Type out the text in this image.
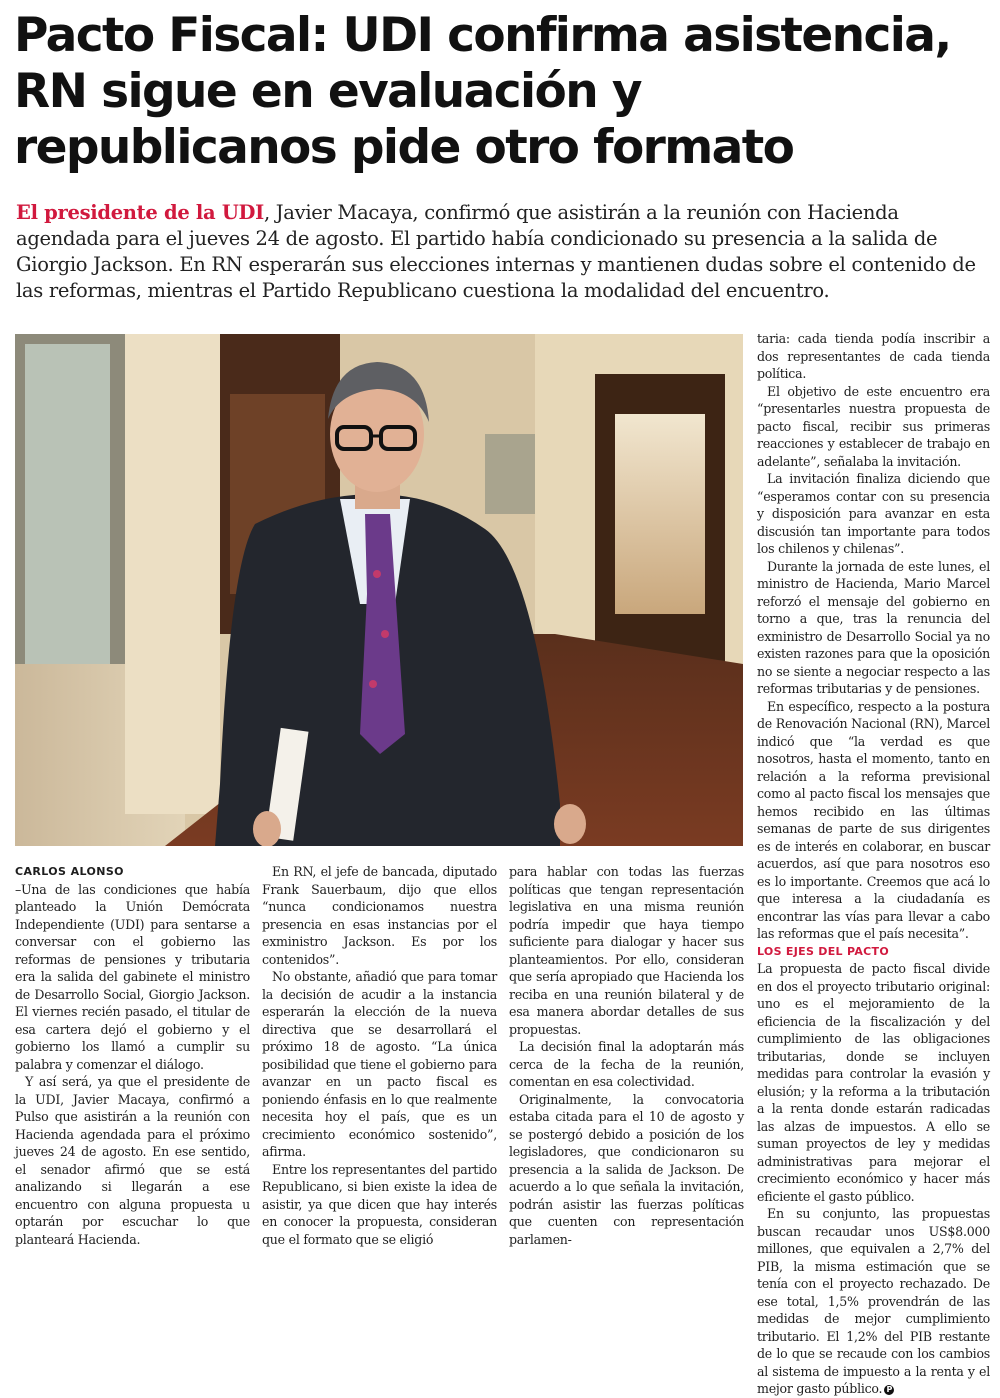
Pacto Fiscal: UDI confirma asistencia,
RN sigue en evaluación y
republicanos pide otro formato

El presidente de la UDI, Javier Macaya, confirmó que asistirán a la reunión con Hacienda agendada para el jueves 24 de agosto. El partido había condicionado su presencia a la salida de Giorgio Jackson. En RN esperarán sus elecciones internas y mantienen dudas sobre el contenido de las reformas, mientras el Partido Republicano cuestiona la modalidad del encuentro.

CARLOS ALONSO

–Una de las condiciones que había planteado la Unión Demócrata Independiente (UDI) para sentarse a conversar con el gobierno las reformas de pensiones y tributaria era la salida del gabinete el ministro de Desarrollo Social, Giorgio Jackson. El viernes recién pasado, el titular de esa cartera dejó el gobierno y el gobierno los llamó a cumplir su palabra y comenzar el diálogo.

Y así será, ya que el presidente de la UDI, Javier Macaya, confirmó a Pulso que asistirán a la reunión con Hacienda agendada para el próximo jueves 24 de agosto. En ese sentido, el senador afirmó que se está analizando si llegarán a ese encuentro con alguna propuesta u optarán por escuchar lo que planteará Hacienda.

En RN, el jefe de bancada, diputado Frank Sauerbaum, dijo que ellos “nunca condicionamos nuestra presencia en esas instancias por el exministro Jackson. Es por los contenidos”.

No obstante, añadió que para tomar la decisión de acudir a la instancia esperarán la elección de la nueva directiva que se desarrollará el próximo 18 de agosto. “La única posibilidad que tiene el gobierno para avanzar en un pacto fiscal es poniendo énfasis en lo que realmente necesita hoy el país, que es un crecimiento económico sostenido”, afirma.

Entre los representantes del partido Republicano, si bien existe la idea de asistir, ya que dicen que hay interés en conocer la propuesta, consideran que el formato que se eligió

para hablar con todas las fuerzas políticas que tengan representación legislativa en una misma reunión podría impedir que haya tiempo suficiente para dialogar y hacer sus planteamientos. Por ello, consideran que sería apropiado que Hacienda los reciba en una reunión bilateral y de esa manera abordar detalles de sus propuestas.

La decisión final la adoptarán más cerca de la fecha de la reunión, comentan en esa colectividad.

Originalmente, la convocatoria estaba citada para el 10 de agosto y se postergó debido a posición de los legisladores, que condicionaron su presencia a la salida de Jackson. De acuerdo a lo que señala la invitación, podrán asistir las fuerzas políticas que cuenten con representación parlamen-

taria: cada tienda podía inscribir a dos representantes de cada tienda política.

El objetivo de este encuentro era “presentarles nuestra propuesta de pacto fiscal, recibir sus primeras reacciones y establecer de trabajo en adelante”, señalaba la invitación.

La invitación finaliza diciendo que “esperamos contar con su presencia y disposición para avanzar en esta discusión tan importante para todos los chilenos y chilenas”.

Durante la jornada de este lunes, el ministro de Hacienda, Mario Marcel reforzó el mensaje del gobierno en torno a que, tras la renuncia del exministro de Desarrollo Social ya no existen razones para que la oposición no se siente a negociar respecto a las reformas tributarias y de pensiones.

En específico, respecto a la postura de Renovación Nacional (RN), Marcel indicó que “la verdad es que nosotros, hasta el momento, tanto en relación a la reforma previsional como al pacto fiscal los mensajes que hemos recibido en las últimas semanas de parte de sus dirigentes es de interés en colaborar, en buscar acuerdos, así que para nosotros eso es lo importante. Creemos que acá lo que interesa a la ciudadanía es encontrar las vías para llevar a cabo las reformas que el país necesita”.

LOS EJES DEL PACTO

La propuesta de pacto fiscal divide en dos el proyecto tributario original: uno es el mejoramiento de la eficiencia de la fiscalización y del cumplimiento de las obligaciones tributarias, donde se incluyen medidas para controlar la evasión y elusión; y la reforma a la tributación a la renta donde estarán radicadas las alzas de impuestos. A ello se suman proyectos de ley y medidas administrativas para mejorar el crecimiento económico y hacer más eficiente el gasto público.

En su conjunto, las propuestas buscan recaudar unos US$8.000 millones, que equivalen a 2,7% del PIB, la misma estimación que se tenía con el proyecto rechazado. De ese total, 1,5% provendrán de las medidas de mejor cumplimiento tributario. El 1,2% del PIB restante de lo que se recaude con los cambios al sistema de impuesto a la renta y el mejor gasto público. P
